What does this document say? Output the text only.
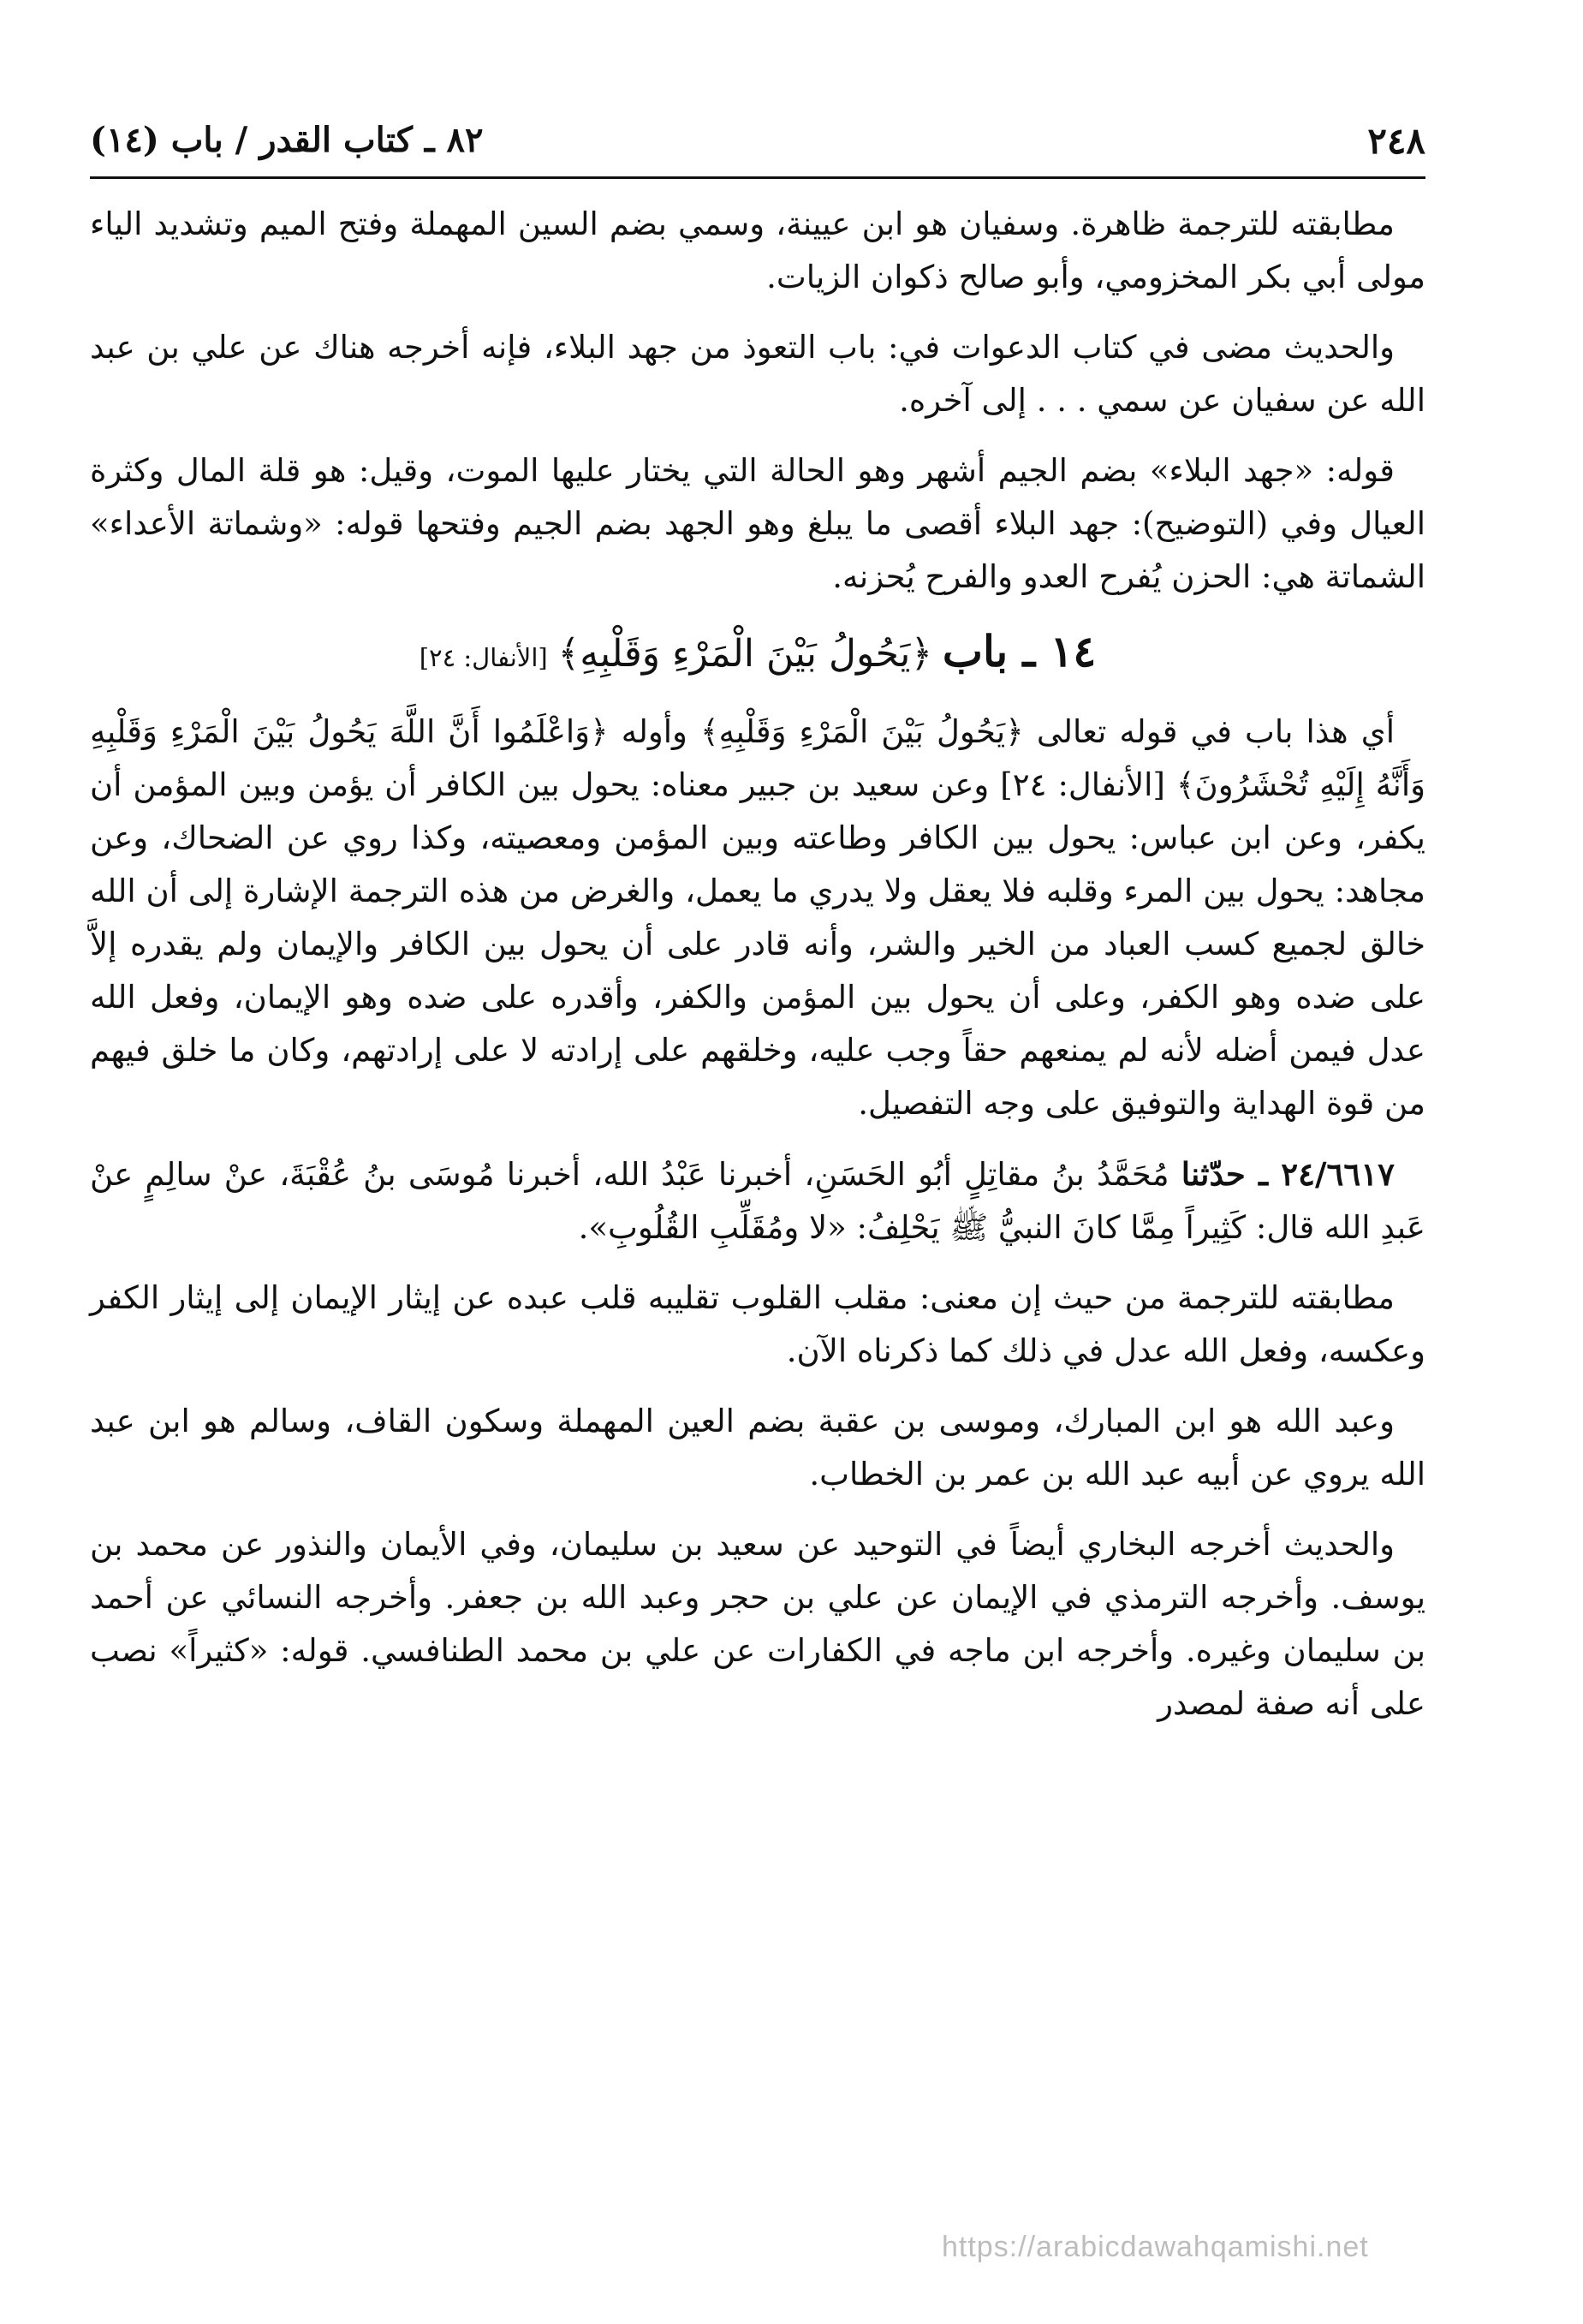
٢٤٨
٨٢ ـ كتاب القدر / باب (١٤)

مطابقته للترجمة ظاهرة. وسفيان هو ابن عيينة، وسمي بضم السين المهملة وفتح الميم وتشديد الياء مولى أبي بكر المخزومي، وأبو صالح ذكوان الزيات.

والحديث مضى في كتاب الدعوات في: باب التعوذ من جهد البلاء، فإنه أخرجه هناك عن علي بن عبد الله عن سفيان عن سمي . . . إلى آخره.

قوله: «جهد البلاء» بضم الجيم أشهر وهو الحالة التي يختار عليها الموت، وقيل: هو قلة المال وكثرة العيال وفي (التوضيح): جهد البلاء أقصى ما يبلغ وهو الجهد بضم الجيم وفتحها قوله: «وشماتة الأعداء» الشماتة هي: الحزن يُفرح العدو والفرح يُحزنه.

١٤ ـ باب ﴿يَحُولُ بَيْنَ الْمَرْءِ وَقَلْبِهِ﴾ [الأنفال: ٢٤]

أي هذا باب في قوله تعالى ﴿يَحُولُ بَيْنَ الْمَرْءِ وَقَلْبِهِ﴾ وأوله ﴿وَاعْلَمُوا أَنَّ اللَّهَ يَحُولُ بَيْنَ الْمَرْءِ وَقَلْبِهِ وَأَنَّهُ إِلَيْهِ تُحْشَرُونَ﴾ [الأنفال: ٢٤] وعن سعيد بن جبير معناه: يحول بين الكافر أن يؤمن وبين المؤمن أن يكفر، وعن ابن عباس: يحول بين الكافر وطاعته وبين المؤمن ومعصيته، وكذا روي عن الضحاك، وعن مجاهد: يحول بين المرء وقلبه فلا يعقل ولا يدري ما يعمل، والغرض من هذه الترجمة الإشارة إلى أن الله خالق لجميع كسب العباد من الخير والشر، وأنه قادر على أن يحول بين الكافر والإيمان ولم يقدره إلاَّ على ضده وهو الكفر، وعلى أن يحول بين المؤمن والكفر، وأقدره على ضده وهو الإيمان، وفعل الله عدل فيمن أضله لأنه لم يمنعهم حقاً وجب عليه، وخلقهم على إرادته لا على إرادتهم، وكان ما خلق فيهم من قوة الهداية والتوفيق على وجه التفصيل.

٢٤/٦٦١٧ ـ حدّثنا مُحَمَّدُ بنُ مقاتِلٍ أبُو الحَسَنِ، أخبرنا عَبْدُ الله، أخبرنا مُوسَى بنُ عُقْبَةَ، عنْ سالِمٍ عنْ عَبدِ الله قال: كَثِيراً مِمَّا كانَ النبيُّ ﷺ يَحْلِفُ: «لا ومُقَلِّبِ القُلُوبِ».

مطابقته للترجمة من حيث إن معنى: مقلب القلوب تقليبه قلب عبده عن إيثار الإيمان إلى إيثار الكفر وعكسه، وفعل الله عدل في ذلك كما ذكرناه الآن.

وعبد الله هو ابن المبارك، وموسى بن عقبة بضم العين المهملة وسكون القاف، وسالم هو ابن عبد الله يروي عن أبيه عبد الله بن عمر بن الخطاب.

والحديث أخرجه البخاري أيضاً في التوحيد عن سعيد بن سليمان، وفي الأيمان والنذور عن محمد بن يوسف. وأخرجه الترمذي في الإيمان عن علي بن حجر وعبد الله بن جعفر. وأخرجه النسائي عن أحمد بن سليمان وغيره. وأخرجه ابن ماجه في الكفارات عن علي بن محمد الطنافسي. قوله: «كثيراً» نصب على أنه صفة لمصدر

https://arabicdawahqamishi.net
